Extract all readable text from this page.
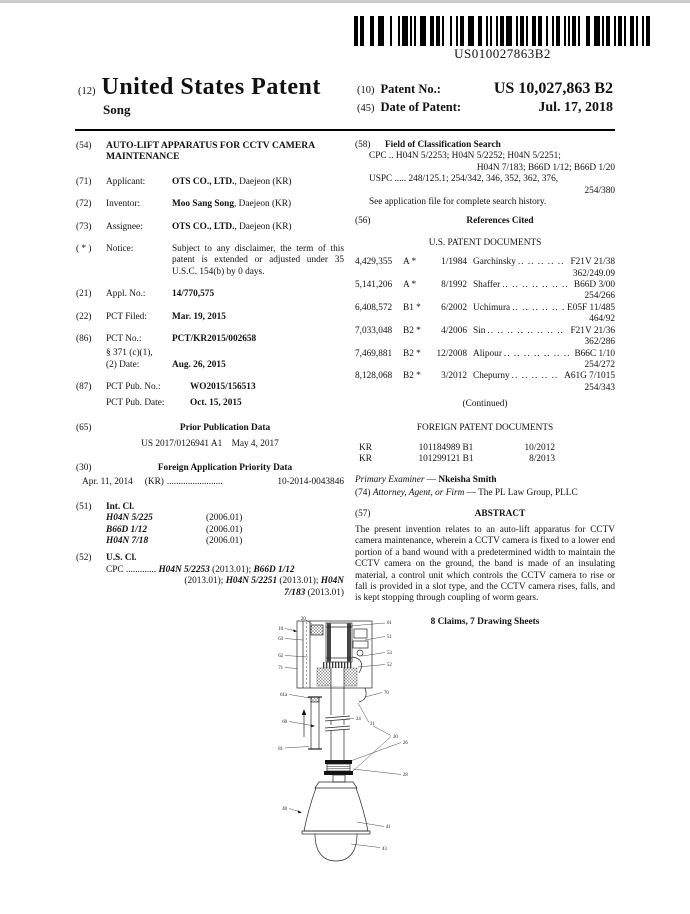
US010027863B2
(12) United States Patent
Song
(10) Patent No.:	US 10,027,863 B2
(45) Date of Patent:	Jul. 17, 2018
(54)	AUTO-LIFT APPARATUS FOR CCTV CAMERA MAINTENANCE
(71)	Applicant:	OTS CO., LTD., Daejeon (KR)
(72)	Inventor:	Moo Sang Song, Daejeon (KR)
(73)	Assignee:	OTS CO., LTD., Daejeon (KR)
( * )	Notice:	Subject to any disclaimer, the term of this patent is extended or adjusted under 35 U.S.C. 154(b) by 0 days.
(21)	Appl. No.:	14/770,575
(22)	PCT Filed:	Mar. 19, 2015
(86)	PCT No.:	PCT/KR2015/002658
§ 371 (c)(1),
(2) Date:	Aug. 26, 2015
(87)	PCT Pub. No.:	WO2015/156513
PCT Pub. Date:	Oct. 15, 2015
(65)	Prior Publication Data
US 2017/0126941 A1 May 4, 2017
(30)	Foreign Application Priority Data
Apr. 11, 2014 (KR) ........................	10-2014-0043846
(51)	Int. Cl.
H04N 5/225	(2006.01)
B66D 1/12	(2006.01)
H04N 7/18	(2006.01)
(52)	U.S. Cl.
CPC ............. H04N 5/2253 (2013.01); B66D 1/12
(2013.01); H04N 5/2251 (2013.01); H04N
7/183 (2013.01)
(58)	Field of Classification Search
CPC .. H04N 5/2253; H04N 5/2252; H04N 5/2251;
H04N 7/183; B66D 1/12; B66D 1/20
USPC ..... 248/125.1; 254/342, 346, 352, 362, 376,
254/380
See application file for complete search history.
(56)	References Cited
U.S. PATENT DOCUMENTS
4,429,355	A *	1/1984 Garchinsky .. ..	F21V 21/38
362/249.09
5,141,206	A *	8/1992 Shaffer .. ..	B66D 3/00
254/266
6,408,572	B1 *	6/2002 Uchimura .. ..	E05F 11/485
464/92
7,033,048	B2 *	4/2006 Sin .. ..	F21V 21/36
362/286
7,469,881	B2 *	12/2008 Alipour .. ..	B66C 1/10
254/272
8,128,068	B2 *	3/2012 Chepurny .. ..	A61G 7/1015
254/343
(Continued)
FOREIGN PATENT DOCUMENTS
KR	101184989 B1	10/2012
KR	101299121 B1	8/2013
Primary Examiner — Nkeisha Smith
(74) Attorney, Agent, or Firm — The PL Law Group, PLLC
(57)	ABSTRACT
The present invention relates to an auto-lift apparatus for CCTV camera maintenance, wherein a CCTV camera is fixed to a lower end portion of a band wound with a predetermined width to maintain the CCTV camera on the ground, the band is made of an insulating material, a control unit which controls the CCTV camera to rise or fall is provided in a slot type, and the CCTV camera rises, falls, and is kept stopping through coupling of worm gears.
8 Claims, 7 Drawing Sheets
20
10
63
62
71
61
51
53
52
70
61a
60
81
24
31
30
26
28
40
41
43
